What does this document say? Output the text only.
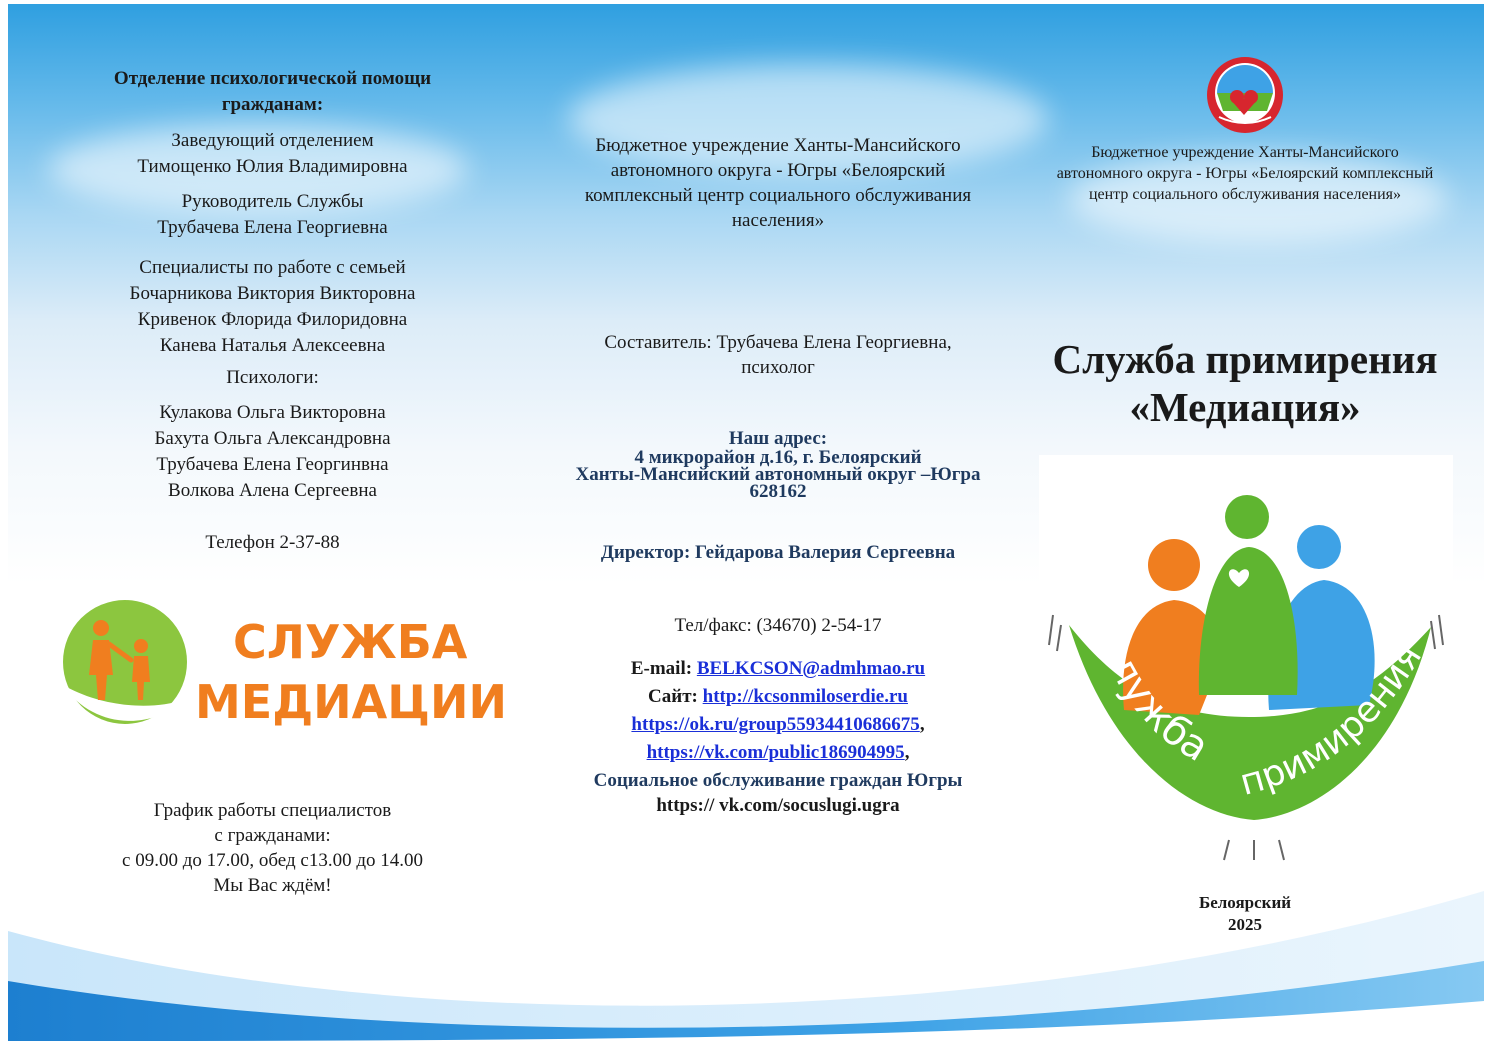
Отделение психологической помощи гражданам:

Заведующий отделением

Тимощенко Юлия Владимировна

Руководитель Службы

Трубачева Елена Георгиевна

Специалисты по работе с семьей

Бочарникова Виктория Викторовна

Кривенок Флорида Филоридовна

Канева Наталья Алексеевна

Психологи:

Кулакова Ольга Викторовна

Бахута Ольга Александровна

Трубачева Елена Георгинвна

Волкова Алена Сергеевна

Телефон 2-37-88

СЛУЖБА
МЕДИАЦИИ

График работы специалистов

с гражданами:

с 09.00 до 17.00, обед с13.00 до 14.00

Мы Вас ждём!

Бюджетное учреждение Ханты-Мансийского

автономного округа - Югры «Белоярский

комплексный центр социального обслуживания

населения»

Составитель: Трубачева Елена Георгиевна,

психолог

Наш адрес:

4 микрорайон д.16, г. Белоярский

Ханты-Мансийский автономный округ –Югра

628162

Директор: Гейдарова Валерия Сергеевна
Тел/факс: (34670) 2-54-17

E-mail: BELKCSON@admhmao.ru

Сайт: http://kcsonmiloserdie.ru

https://ok.ru/group55934410686675,

https://vk.com/public186904995,

Социальное обслуживание граждан Югры

https:// vk.com/socuslugi.ugra

Бюджетное учреждение Ханты-Мансийского

автономного округа - Югры «Белоярский комплексный

центр социального обслуживания населения»

Служба примирения

«Медиация»

служба
примирения

Белоярский

2025
